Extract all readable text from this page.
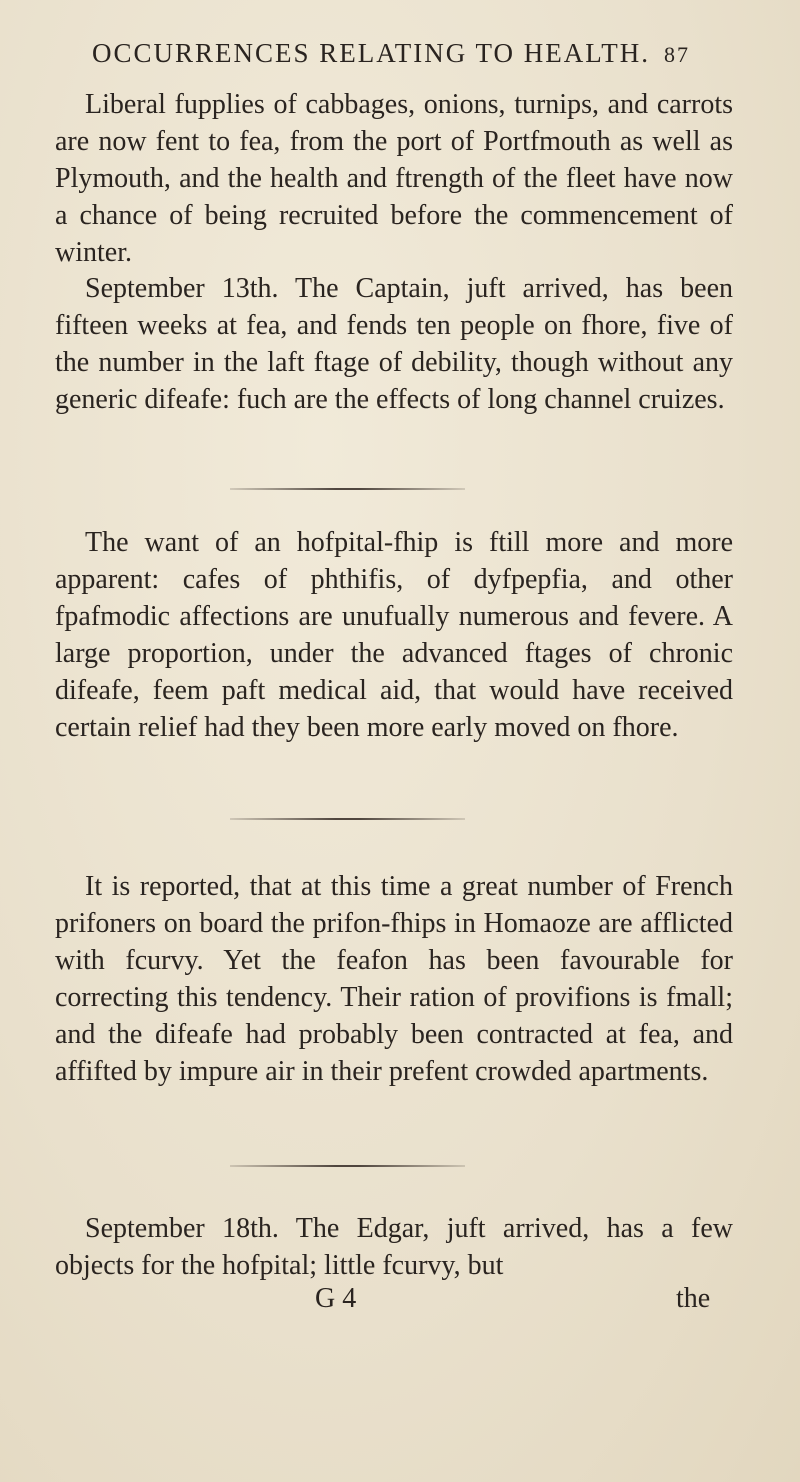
OCCURRENCES RELATING TO HEALTH. 87

Liberal fupplies of cabbages, onions, turnips, and carrots are now fent to fea, from the port of Portfmouth as well as Plymouth, and the health and ftrength of the fleet have now a chance of being recruited before the commencement of winter.

September 13th. The Captain, juft arrived, has been fifteen weeks at fea, and fends ten people on fhore, five of the number in the laft ftage of debility, though without any generic difeafe: fuch are the effects of long channel cruizes.

The want of an hofpital-fhip is ftill more and more apparent: cafes of phthifis, of dyfpepfia, and other fpafmodic affections are unufually numerous and fevere. A large proportion, under the advanced ftages of chronic difeafe, feem paft medical aid, that would have received certain relief had they been more early moved on fhore.

It is reported, that at this time a great number of French prifoners on board the prifon-fhips in Homaoze are afflicted with fcurvy. Yet the feafon has been favourable for correcting this tendency. Their ration of provifions is fmall; and the difeafe had probably been contracted at fea, and affifted by impure air in their prefent crowded apartments.

September 18th. The Edgar, juft arrived, has a few objects for the hofpital; little fcurvy, but

G 4	the
